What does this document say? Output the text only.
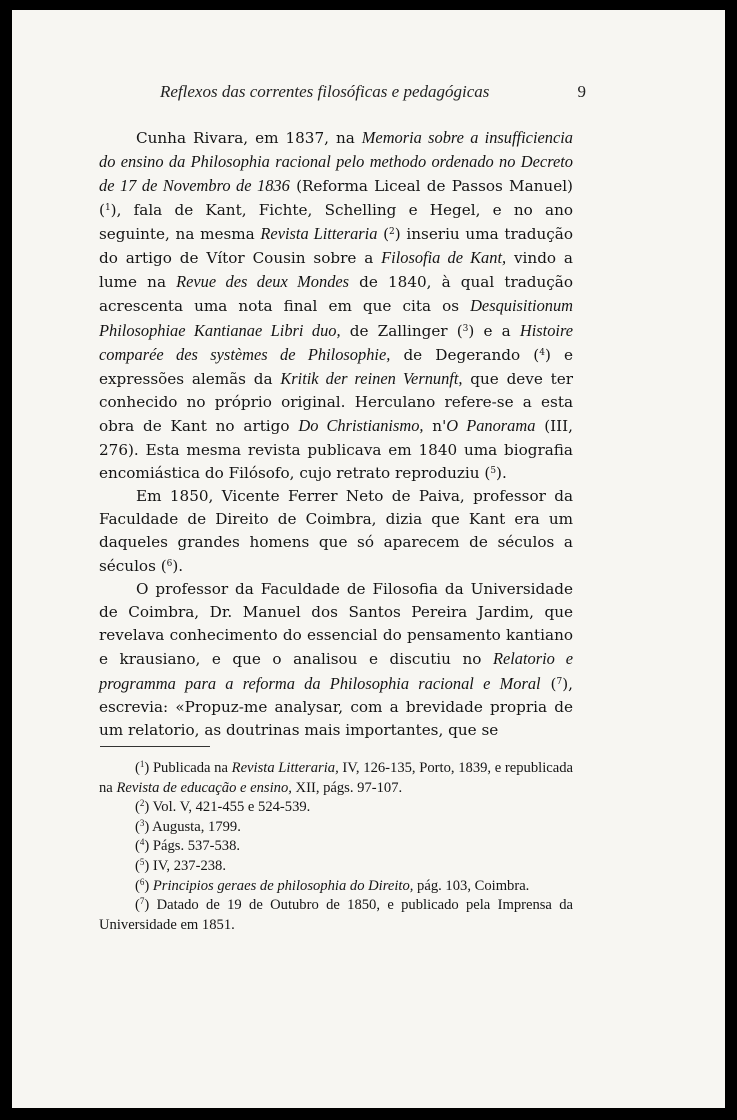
Reflexos das correntes filosóficas e pedagógicas	9

Cunha Rivara, em 1837, na Memoria sobre a insufficiencia do ensino da Philosophia racional pelo methodo ordenado no Decreto de 17 de Novembro de 1836 (Reforma Liceal de Passos Manuel) ($^1$), fala de Kant, Fichte, Schelling e Hegel, e no ano seguinte, na mesma Revista Litteraria ($^2$) inseriu uma tradução do artigo de Vítor Cousin sobre a Filosofia de Kant, vindo a lume na Revue des deux Mondes de 1840, à qual tradução acrescenta uma nota final em que cita os Desquisitionum Philosophiae Kantianae Libri duo, de Zallinger ($^3$) e a Histoire comparée des systèmes de Philosophie, de Degerando ($^4$) e expressões alemãs da Kritik der reinen Vernunft, que deve ter conhecido no próprio original. Herculano refere-se a esta obra de Kant no artigo Do Christianismo, n'O Panorama (III, 276). Esta mesma revista publicava em 1840 uma biografia encomiástica do Filósofo, cujo retrato reproduziu ($^5$).

Em 1850, Vicente Ferrer Neto de Paiva, professor da Faculdade de Direito de Coimbra, dizia que Kant era um daqueles grandes homens que só aparecem de séculos a séculos ($^6$).

O professor da Faculdade de Filosofia da Universidade de Coimbra, Dr. Manuel dos Santos Pereira Jardim, que revelava conhecimento do essencial do pensamento kantiano e krausiano, e que o analisou e discutiu no Relatorio e programma para a reforma da Philosophia racional e Moral ($^7$), escrevia: «Propuz-me analysar, com a brevidade propria de um relatorio, as doutrinas mais importantes, que se

($^1$) Publicada na Revista Litteraria, IV, 126-135, Porto, 1839, e republicada na Revista de educação e ensino, XII, págs. 97-107.

($^2$) Vol. V, 421-455 e 524-539.

($^3$) Augusta, 1799.

($^4$) Págs. 537-538.

($^5$) IV, 237-238.

($^6$) Principios geraes de philosophia do Direito, pág. 103, Coimbra.

($^7$) Datado de 19 de Outubro de 1850, e publicado pela Imprensa da Universidade em 1851.
